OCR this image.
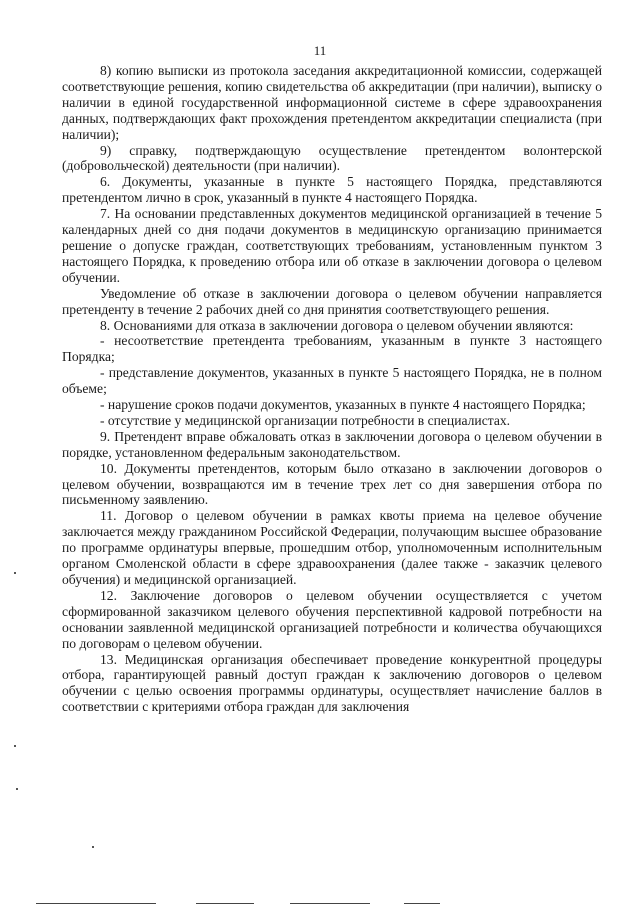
11

8) копию выписки из протокола заседания аккредитационной комиссии, содержащей соответствующие решения, копию свидетельства об аккредитации (при наличии), выписку о наличии в единой государственной информационной системе в сфере здравоохранения данных, подтверждающих факт прохождения претендентом аккредитации специалиста (при наличии);

9) справку, подтверждающую осуществление претендентом волонтерской (добровольческой) деятельности (при наличии).

6. Документы, указанные в пункте 5 настоящего Порядка, представляются претендентом лично в срок, указанный в пункте 4 настоящего Порядка.

7. На основании представленных документов медицинской организацией в течение 5 календарных дней со дня подачи документов в медицинскую организацию принимается решение о допуске граждан, соответствующих требованиям, установленным пунктом 3 настоящего Порядка, к проведению отбора или об отказе в заключении договора о целевом обучении.

Уведомление об отказе в заключении договора о целевом обучении направляется претенденту в течение 2 рабочих дней со дня принятия соответствующего решения.

8. Основаниями для отказа в заключении договора о целевом обучении являются:

- несоответствие претендента требованиям, указанным в пункте 3 настоящего Порядка;

- представление документов, указанных в пункте 5 настоящего Порядка, не в полном объеме;

- нарушение сроков подачи документов, указанных в пункте 4 настоящего Порядка;

- отсутствие у медицинской организации потребности в специалистах.

9. Претендент вправе обжаловать отказ в заключении договора о целевом обучении в порядке, установленном федеральным законодательством.

10. Документы претендентов, которым было отказано в заключении договоров о целевом обучении, возвращаются им в течение трех лет со дня завершения отбора по письменному заявлению.

11. Договор о целевом обучении в рамках квоты приема на целевое обучение заключается между гражданином Российской Федерации, получающим высшее образование по программе ординатуры впервые, прошедшим отбор, уполномоченным исполнительным органом Смоленской области в сфере здравоохранения (далее также - заказчик целевого обучения) и медицинской организацией.

12. Заключение договоров о целевом обучении осуществляется с учетом сформированной заказчиком целевого обучения перспективной кадровой потребности на основании заявленной медицинской организацией потребности и количества обучающихся по договорам о целевом обучении.

13. Медицинская организация обеспечивает проведение конкурентной процедуры отбора, гарантирующей равный доступ граждан к заключению договоров о целевом обучении с целью освоения программы ординатуры, осуществляет начисление баллов в соответствии с критериями отбора граждан для заключения
